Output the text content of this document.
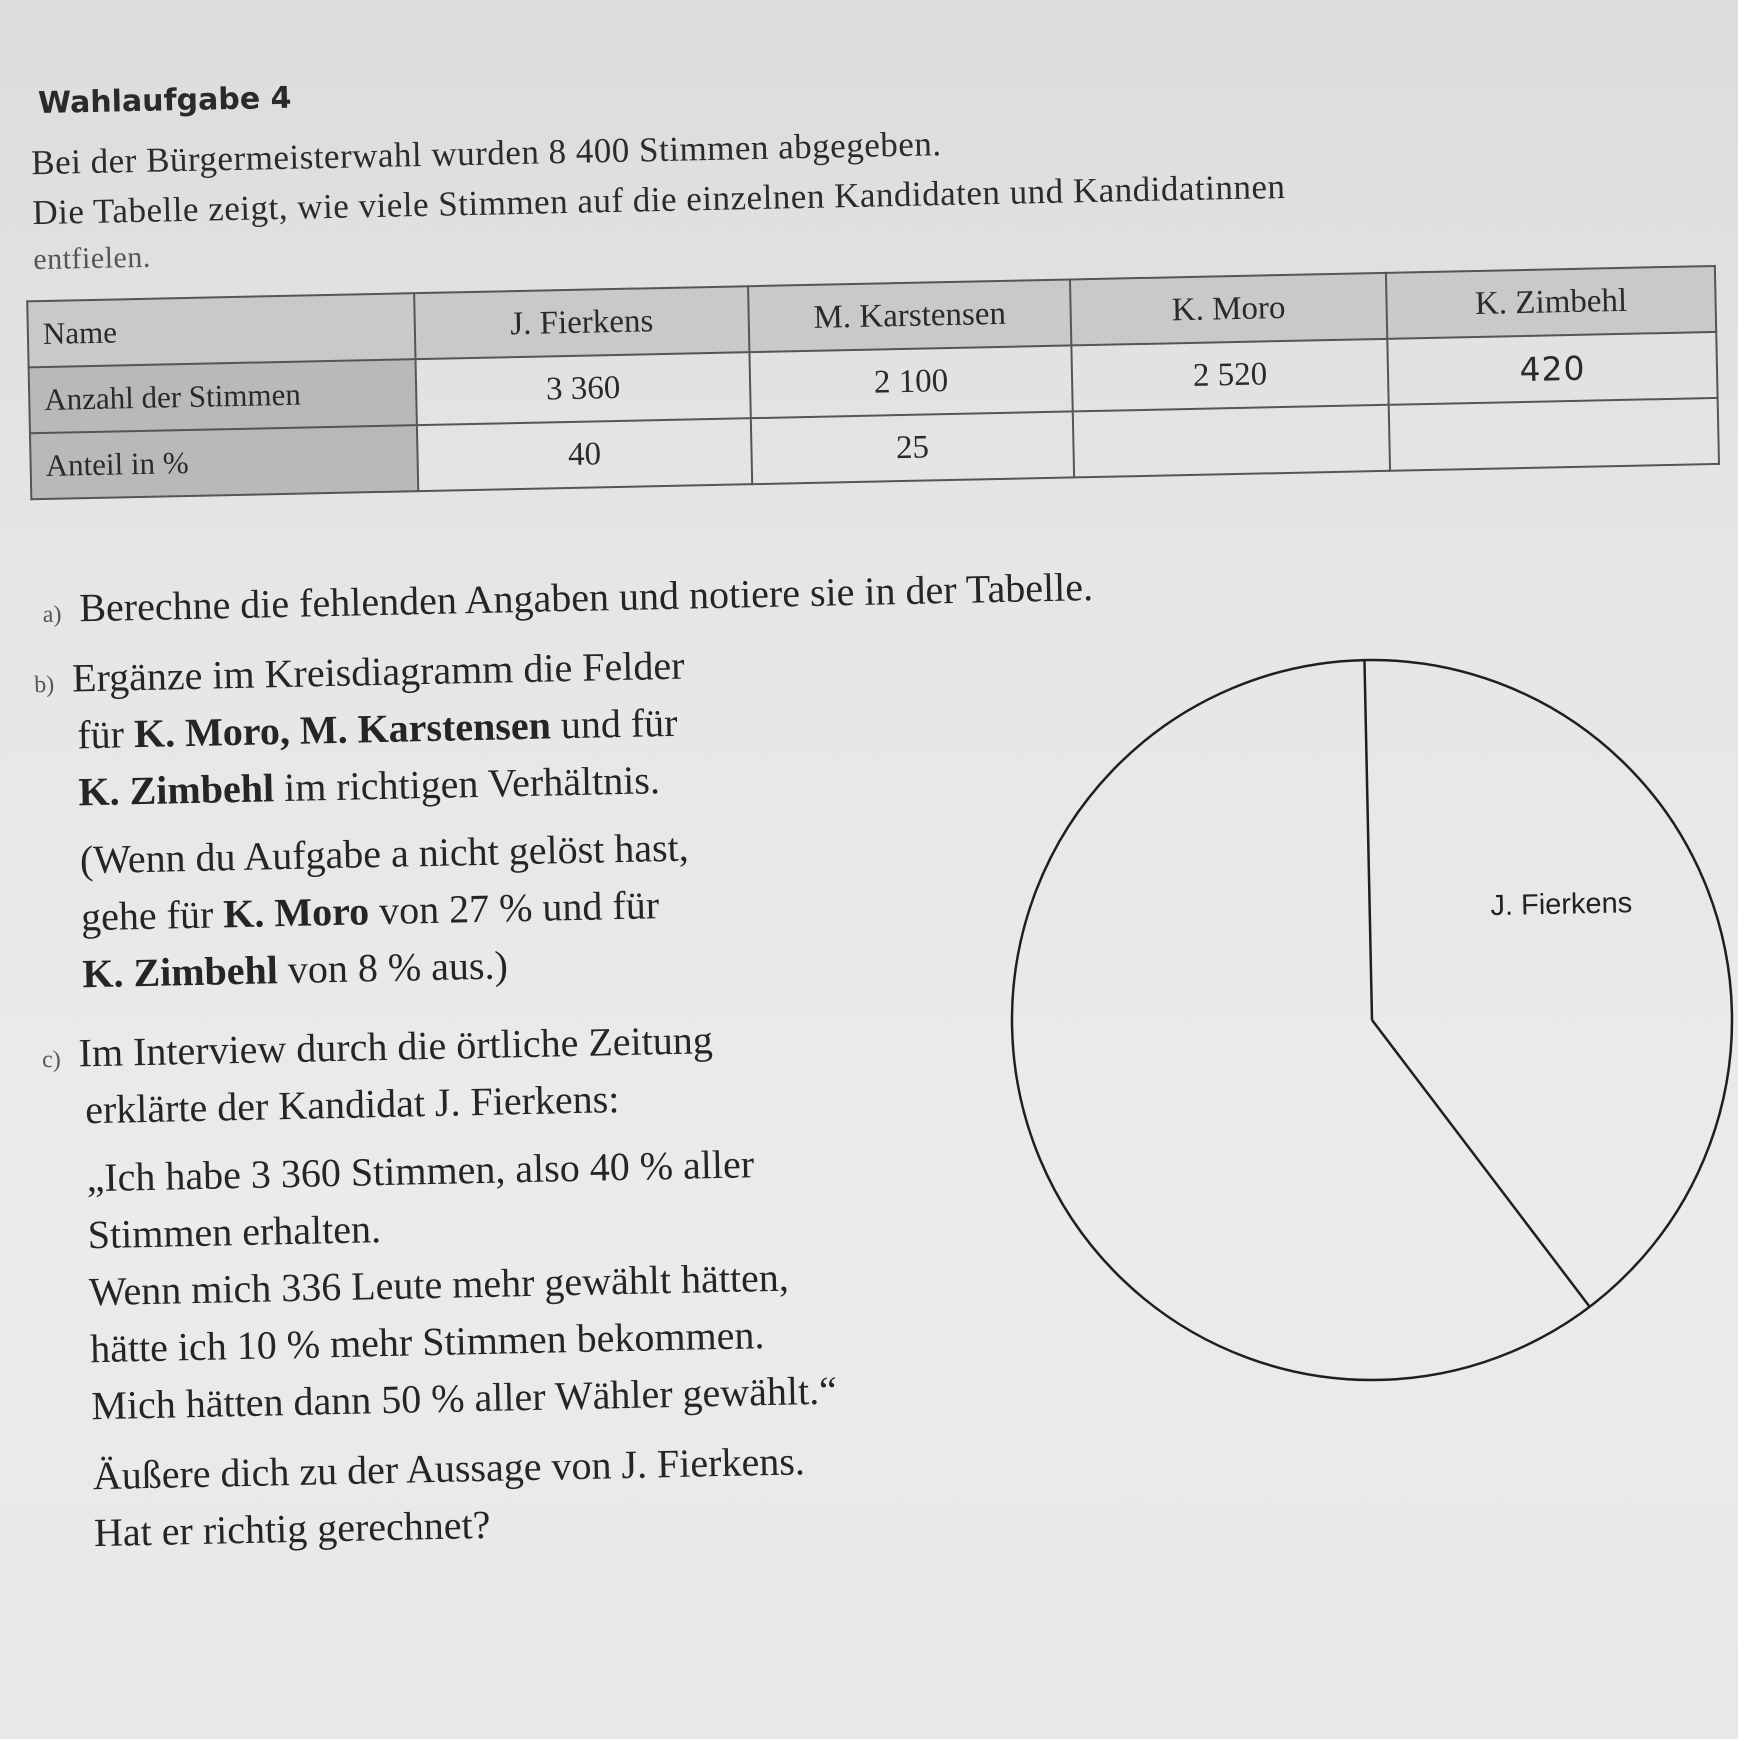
Wahlaufgabe 4
Bei der Bürgermeisterwahl wurden 8 400 Stimmen abgegeben.
Die Tabelle zeigt, wie viele Stimmen auf die einzelnen Kandidaten und Kandidatinnen
entfielen.
Name	J. Fierkens	M. Karstensen	K. Moro	K. Zimbehl
Anzahl der Stimmen	3 360	2 100	2 520	420
Anteil in %	40	25		
a) Berechne die fehlenden Angaben und notiere sie in der Tabelle.
b) Ergänze im Kreisdiagramm die Felder
für K. Moro, M. Karstensen und für
K. Zimbehl im richtigen Verhältnis.
(Wenn du Aufgabe a nicht gelöst hast,
gehe für K. Moro von 27 % und für
K. Zimbehl von 8 % aus.)
c) Im Interview durch die örtliche Zeitung
erklärte der Kandidat J. Fierkens:
„Ich habe 3 360 Stimmen, also 40 % aller
Stimmen erhalten.
Wenn mich 336 Leute mehr gewählt hätten,
hätte ich 10 % mehr Stimmen bekommen.
Mich hätten dann 50 % aller Wähler gewählt.“
Äußere dich zu der Aussage von J. Fierkens.
Hat er richtig gerechnet?
J. Fierkens
